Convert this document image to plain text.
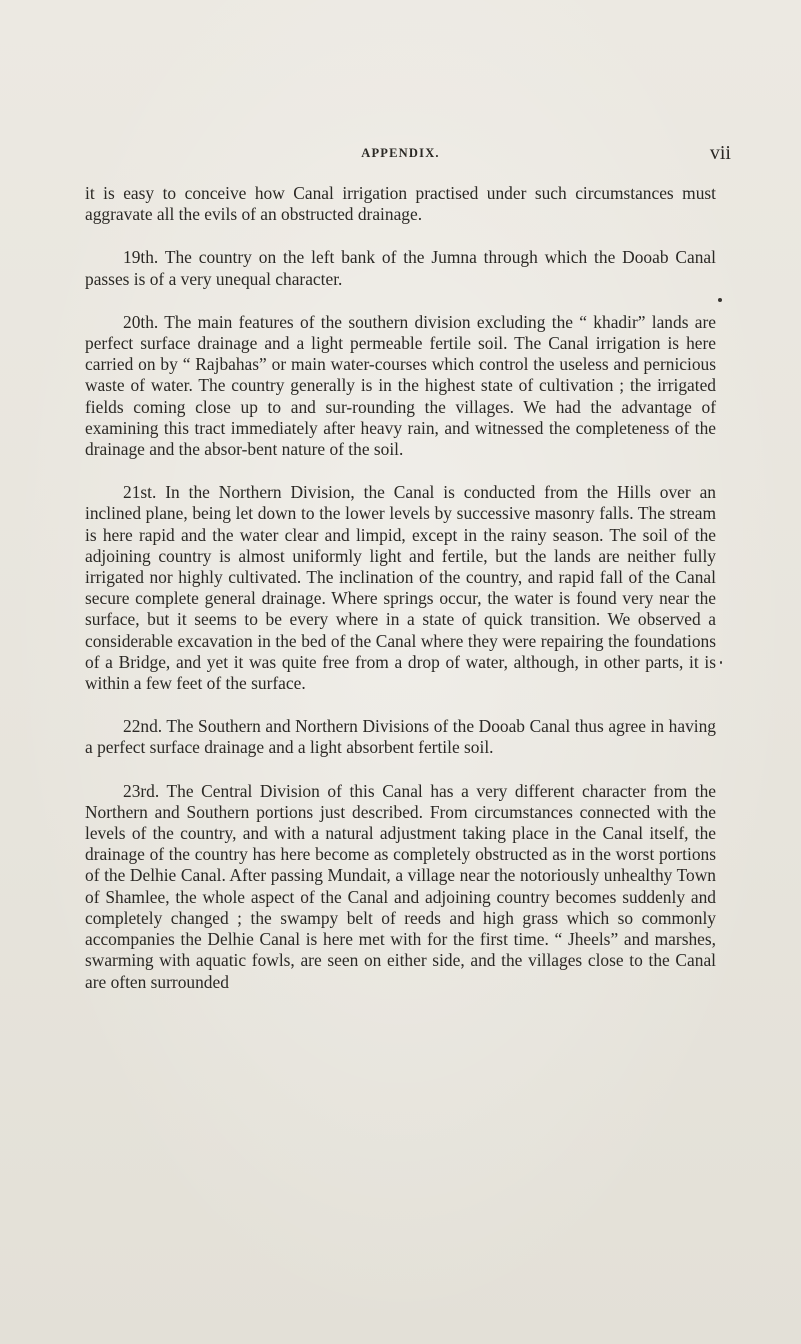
APPENDIX.	vii

it is easy to conceive how Canal irrigation practised under such circumstances must aggravate all the evils of an obstructed drainage.

19th. The country on the left bank of the Jumna through which the Dooab Canal passes is of a very unequal character.

20th. The main features of the southern division excluding the “ khadir” lands are perfect surface drainage and a light permeable fertile soil. The Canal irrigation is here carried on by “ Rajbahas” or main water-courses which control the useless and pernicious waste of water. The country generally is in the highest state of cultivation ; the irrigated fields coming close up to and sur-rounding the villages. We had the advantage of examining this tract immediately after heavy rain, and witnessed the completeness of the drainage and the absor-bent nature of the soil.

21st. In the Northern Division, the Canal is conducted from the Hills over an inclined plane, being let down to the lower levels by successive masonry falls. The stream is here rapid and the water clear and limpid, except in the rainy season. The soil of the adjoining country is almost uniformly light and fertile, but the lands are neither fully irrigated nor highly cultivated. The inclination of the country, and rapid fall of the Canal secure complete general drainage. Where springs occur, the water is found very near the surface, but it seems to be every where in a state of quick transition. We observed a considerable excavation in the bed of the Canal where they were repairing the foundations of a Bridge, and yet it was quite free from a drop of water, although, in other parts, it is within a few feet of the surface.

22nd. The Southern and Northern Divisions of the Dooab Canal thus agree in having a perfect surface drainage and a light absorbent fertile soil.

23rd. The Central Division of this Canal has a very different character from the Northern and Southern portions just described. From circumstances connected with the levels of the country, and with a natural adjustment taking place in the Canal itself, the drainage of the country has here become as completely obstructed as in the worst portions of the Delhie Canal. After passing Mundait, a village near the notoriously unhealthy Town of Shamlee, the whole aspect of the Canal and adjoining country becomes suddenly and completely changed ; the swampy belt of reeds and high grass which so commonly accompanies the Delhie Canal is here met with for the first time. “ Jheels” and marshes, swarming with aquatic fowls, are seen on either side, and the villages close to the Canal are often surrounded
